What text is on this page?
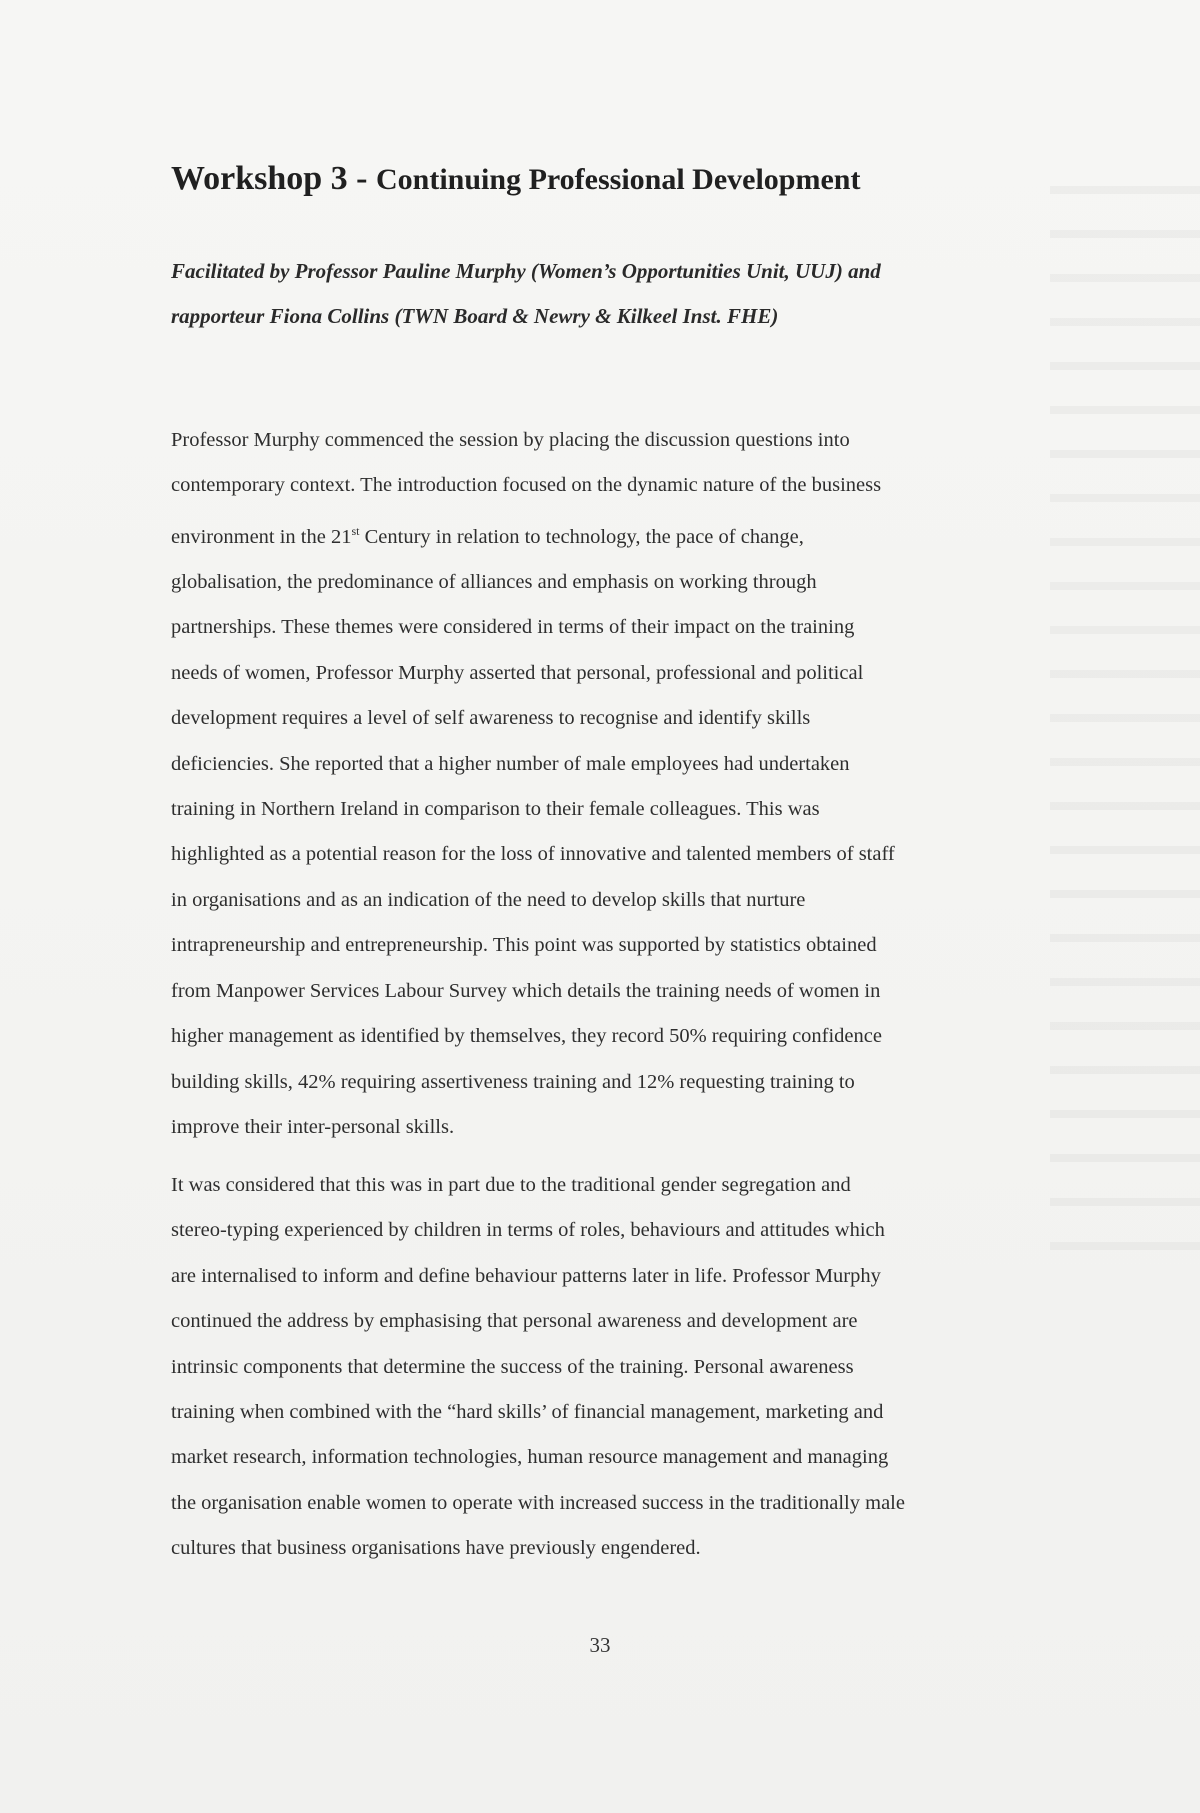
Workshop 3 - Continuing Professional Development

Facilitated by Professor Pauline Murphy (Women’s Opportunities Unit, UUJ) and
rapporteur Fiona Collins (TWN Board & Newry & Kilkeel Inst. FHE)

Professor Murphy commenced the session by placing the discussion questions into
contemporary context. The introduction focused on the dynamic nature of the business
environment in the 21st Century in relation to technology, the pace of change,
globalisation, the predominance of alliances and emphasis on working through
partnerships. These themes were considered in terms of their impact on the training
needs of women, Professor Murphy asserted that personal, professional and political
development requires a level of self awareness to recognise and identify skills
deficiencies. She reported that a higher number of male employees had undertaken
training in Northern Ireland in comparison to their female colleagues. This was
highlighted as a potential reason for the loss of innovative and talented members of staff
in organisations and as an indication of the need to develop skills that nurture
intrapreneurship and entrepreneurship. This point was supported by statistics obtained
from Manpower Services Labour Survey which details the training needs of women in
higher management as identified by themselves, they record 50% requiring confidence
building skills, 42% requiring assertiveness training and 12% requesting training to
improve their inter-personal skills.

It was considered that this was in part due to the traditional gender segregation and
stereo-typing experienced by children in terms of roles, behaviours and attitudes which
are internalised to inform and define behaviour patterns later in life. Professor Murphy
continued the address by emphasising that personal awareness and development are
intrinsic components that determine the success of the training. Personal awareness
training when combined with the “hard skills’ of financial management, marketing and
market research, information technologies, human resource management and managing
the organisation enable women to operate with increased success in the traditionally male
cultures that business organisations have previously engendered.

33
